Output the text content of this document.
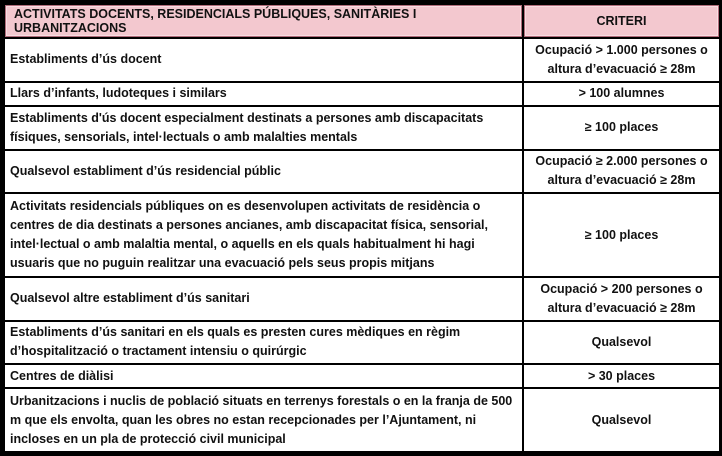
ACTIVITATS DOCENTS, RESIDENCIALS PÚBLIQUES, SANITÀRIES I URBANITZACIONS	CRITERI
Establiments d’ús docent	Ocupació > 1.000 persones o altura d’evacuació ≥ 28m
Llars d’infants, ludoteques i similars	> 100 alumnes
Establiments d'ús docent especialment destinats a persones amb discapacitats físiques, sensorials, intel·lectuals o amb malalties mentals	≥ 100 places
Qualsevol establiment d’ús residencial públic	Ocupació ≥ 2.000 persones o altura d’evacuació ≥ 28m
Activitats residencials públiques on es desenvolupen activitats de residència o centres de dia destinats a persones ancianes, amb discapacitat física, sensorial, intel·lectual o amb malaltia mental, o aquells en els quals habitualment hi hagi usuaris que no puguin realitzar una evacuació pels seus propis mitjans	≥ 100 places
Qualsevol altre establiment d’ús sanitari	Ocupació > 200 persones o altura d’evacuació ≥ 28m
Establiments d’ús sanitari en els quals es presten cures mèdiques en règim d’hospitalització o tractament intensiu o quirúrgic	Qualsevol
Centres de diàlisi	> 30 places
Urbanitzacions i nuclis de població situats en terrenys forestals o en la franja de 500 m que els envolta, quan les obres no estan recepcionades per l’Ajuntament, ni incloses en un pla de protecció civil municipal	Qualsevol
